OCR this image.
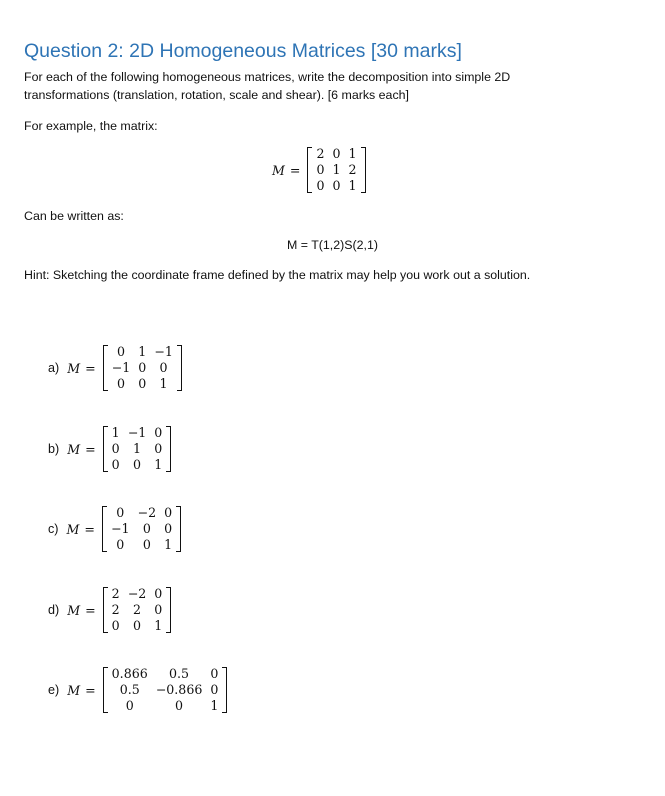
Question 2: 2D Homogeneous Matrices [30 marks]
For each of the following homogeneous matrices, write the decomposition into simple 2D
transformations (translation, rotation, scale and shear). [6 marks each]
For example, the matrix:
M =
2	0	1
0	1	2
0	0	1
Can be written as:
M = T(1,2)S(2,1)
Hint: Sketching the coordinate frame defined by the matrix may help you work out a solution.
a) M =
0	1	−1
−1	0	0
0	0	1
b) M =
1	−1	0
0	1	0
0	0	1
c) M =
0	−2	0
−1	0	0
0	0	1
d) M =
2	−2	0
2	2	0
0	0	1
e) M =
0.866	0.5	0
0.5	−0.866	0
0	0	1
